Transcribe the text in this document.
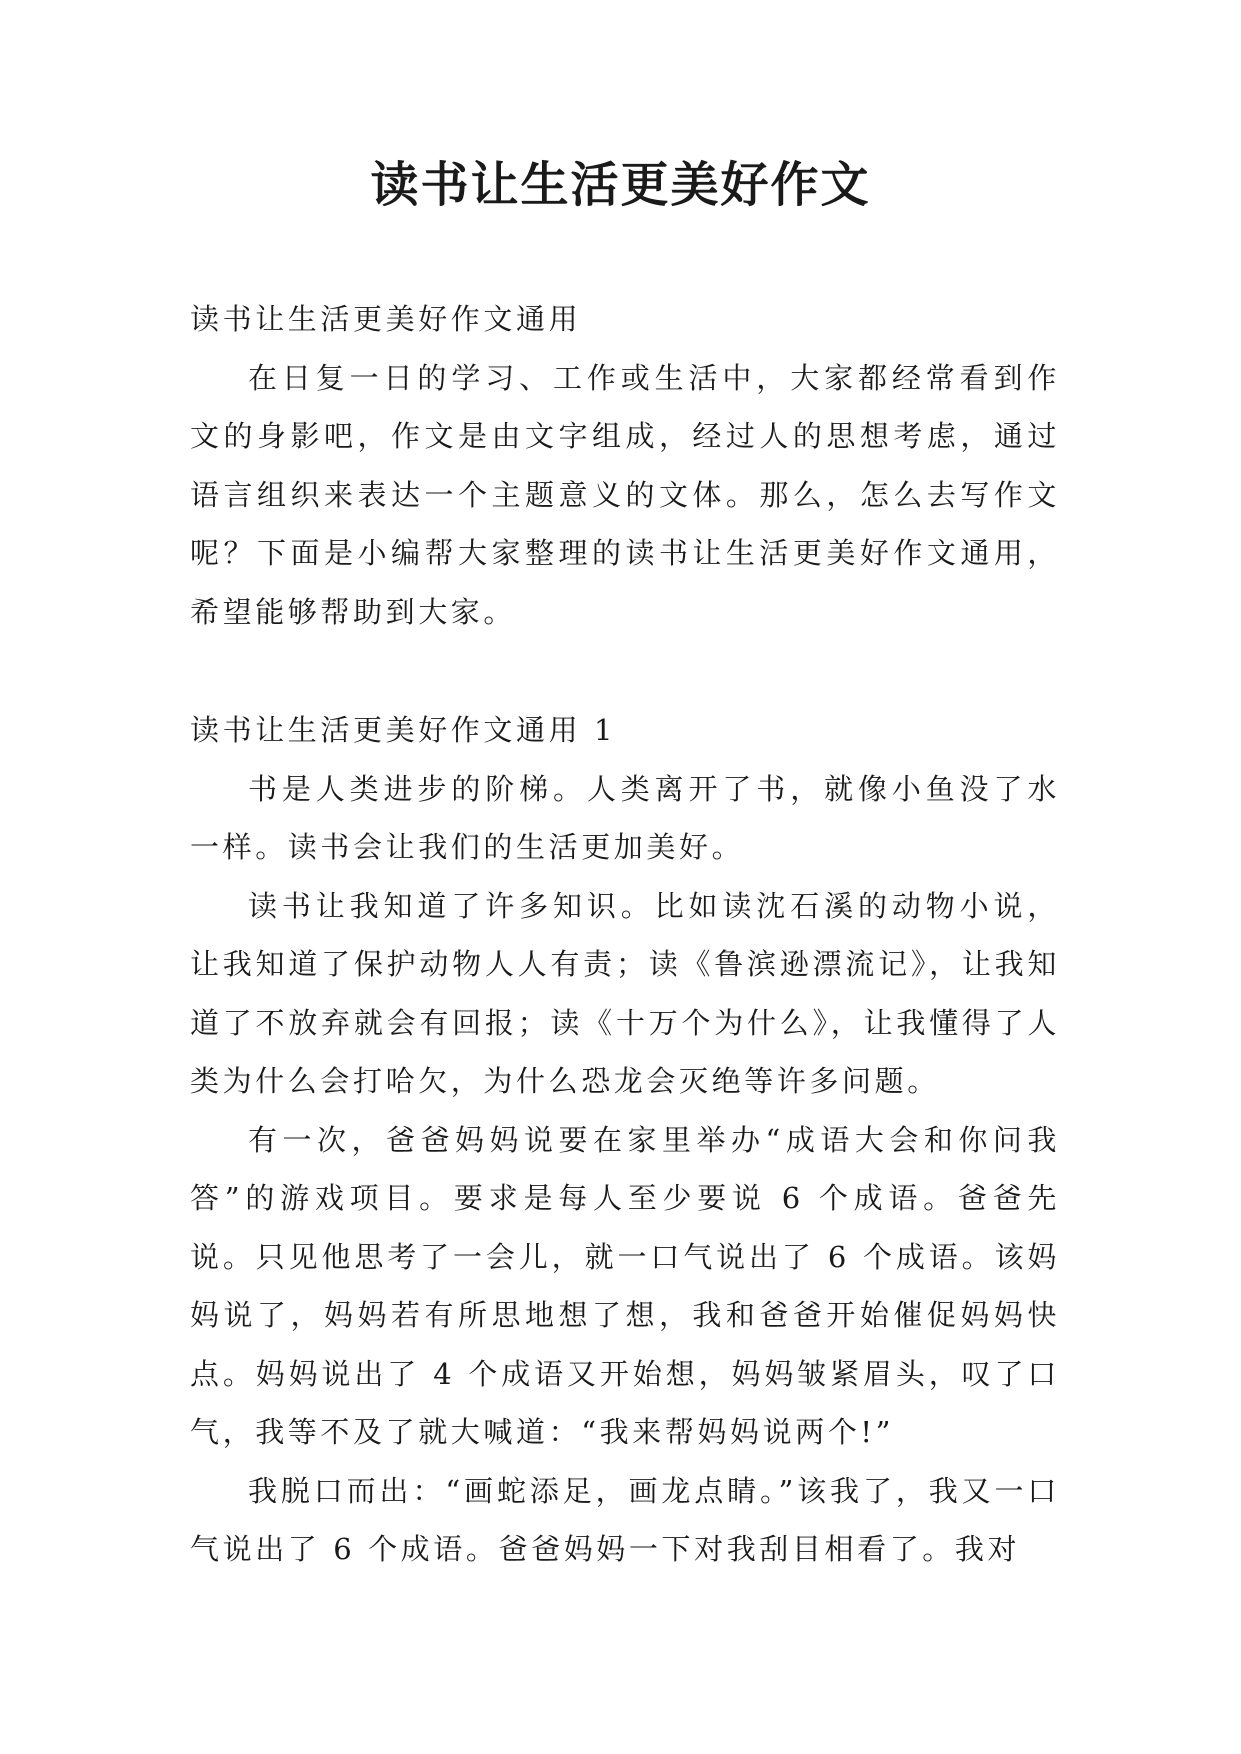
读书让生活更美好作文

读书让生活更美好作文通用

在日复一日的学习、工作或生活中，大家都经常看到作文的身影吧，作文是由文字组成，经过人的思想考虑，通过语言组织来表达一个主题意义的文体。那么，怎么去写作文呢？下面是小编帮大家整理的读书让生活更美好作文通用，希望能够帮助到大家。

读书让生活更美好作文通用 1

书是人类进步的阶梯。人类离开了书，就像小鱼没了水一样。读书会让我们的生活更加美好。

读书让我知道了许多知识。比如读沈石溪的动物小说，让我知道了保护动物人人有责；读《鲁滨逊漂流记》，让我知道了不放弃就会有回报；读《十万个为什么》，让我懂得了人类为什么会打哈欠，为什么恐龙会灭绝等许多问题。

有一次，爸爸妈妈说要在家里举办“成语大会和你问我答”的游戏项目。要求是每人至少要说 6 个成语。爸爸先说。只见他思考了一会儿，就一口气说出了 6 个成语。该妈妈说了，妈妈若有所思地想了想，我和爸爸开始催促妈妈快点。妈妈说出了 4 个成语又开始想，妈妈皱紧眉头，叹了口气，我等不及了就大喊道：“我来帮妈妈说两个!”

我脱口而出：“画蛇添足，画龙点睛。”该我了，我又一口气说出了 6 个成语。爸爸妈妈一下对我刮目相看了。我对
